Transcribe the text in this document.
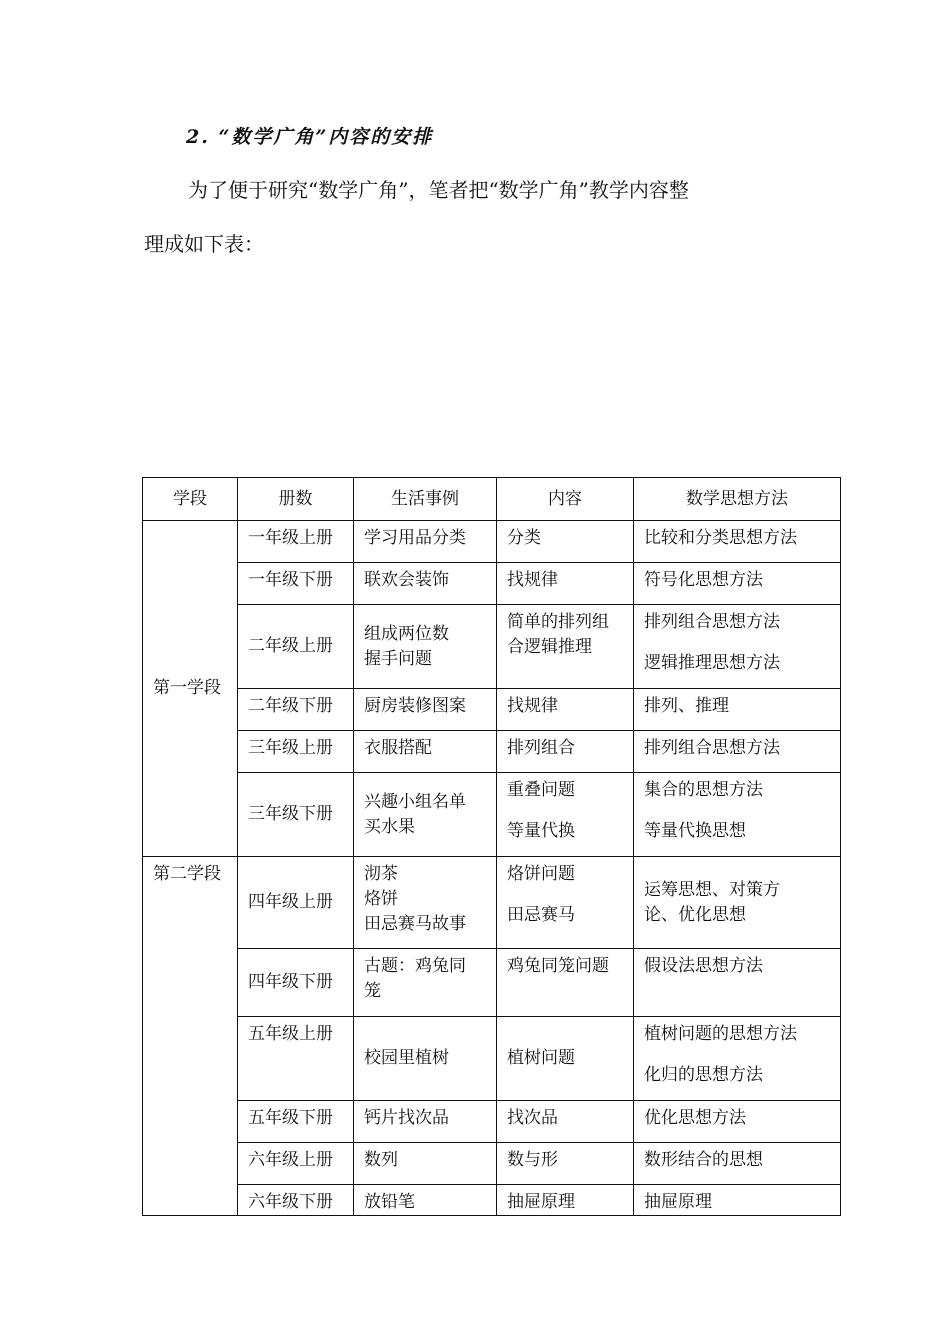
2. “数学广角”内容的安排
为了便于研究“数学广角”，笔者把“数学广角”教学内容整
理成如下表：
学段	册数	生活事例	内容	数学思想方法
第一学段	一年级上册	学习用品分类	分类	比较和分类思想方法

	一年级下册	联欢会装饰	找规律	符号化思想方法

	二年级上册	组成两位数
握手问题	简单的排列组
合逻辑推理	排列组合思想方法
逻辑推理思想方法

	二年级下册	厨房装修图案	找规律	排列、推理

	三年级上册	衣服搭配	排列组合	排列组合思想方法

	三年级下册	兴趣小组名单
买水果	重叠问题
等量代换	集合的思想方法
等量代换思想

第二学段	四年级上册	沏茶
烙饼
田忌赛马故事	烙饼问题
田忌赛马	运筹思想、对策方
论、优化思想

	四年级下册	古题：鸡兔同
笼	鸡兔同笼问题	假设法思想方法

	五年级上册	校园里植树	植树问题	植树问题的思想方法
化归的思想方法

	五年级下册	钙片找次品	找次品	优化思想方法

	六年级上册	数列	数与形	数形结合的思想

	六年级下册	放铅笔	抽屉原理	抽屉原理
